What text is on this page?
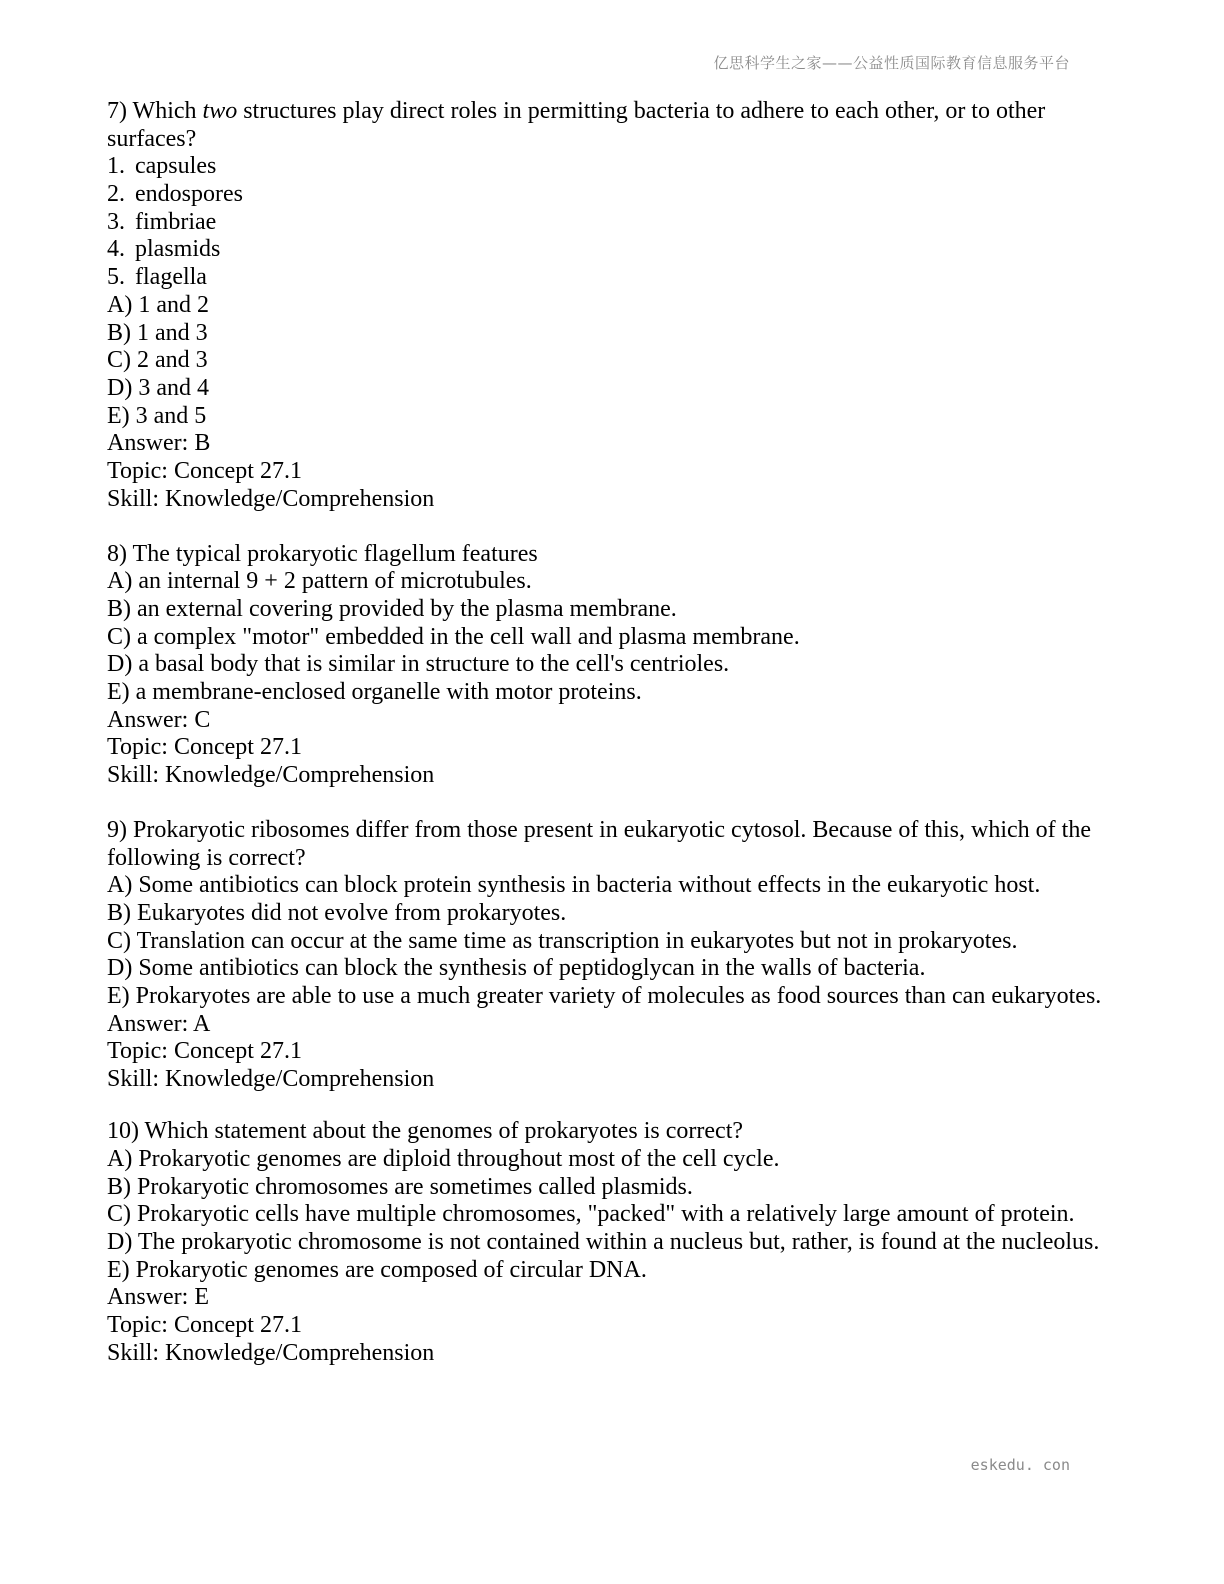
亿思科学生之家——公益性质国际教育信息服务平台
7) Which two structures play direct roles in permitting bacteria to adhere to each other, or to other surfaces?
1. capsules
2. endospores
3. fimbriae
4. plasmids
5. flagella
A) 1 and 2
B) 1 and 3
C) 2 and 3
D) 3 and 4
E) 3 and 5
Answer: B
Topic: Concept 27.1
Skill: Knowledge/Comprehension
8) The typical prokaryotic flagellum features
A) an internal 9 + 2 pattern of microtubules.
B) an external covering provided by the plasma membrane.
C) a complex "motor" embedded in the cell wall and plasma membrane.
D) a basal body that is similar in structure to the cell's centrioles.
E) a membrane-enclosed organelle with motor proteins.
Answer: C
Topic: Concept 27.1
Skill: Knowledge/Comprehension
9) Prokaryotic ribosomes differ from those present in eukaryotic cytosol. Because of this, which of the following is correct?
A) Some antibiotics can block protein synthesis in bacteria without effects in the eukaryotic host.
B) Eukaryotes did not evolve from prokaryotes.
C) Translation can occur at the same time as transcription in eukaryotes but not in prokaryotes.
D) Some antibiotics can block the synthesis of peptidoglycan in the walls of bacteria.
E) Prokaryotes are able to use a much greater variety of molecules as food sources than can eukaryotes.
Answer: A
Topic: Concept 27.1
Skill: Knowledge/Comprehension
10) Which statement about the genomes of prokaryotes is correct?
A) Prokaryotic genomes are diploid throughout most of the cell cycle.
B) Prokaryotic chromosomes are sometimes called plasmids.
C) Prokaryotic cells have multiple chromosomes, "packed" with a relatively large amount of protein.
D) The prokaryotic chromosome is not contained within a nucleus but, rather, is found at the nucleolus.
E) Prokaryotic genomes are composed of circular DNA.
Answer: E
Topic: Concept 27.1
Skill: Knowledge/Comprehension
eskedu. con
